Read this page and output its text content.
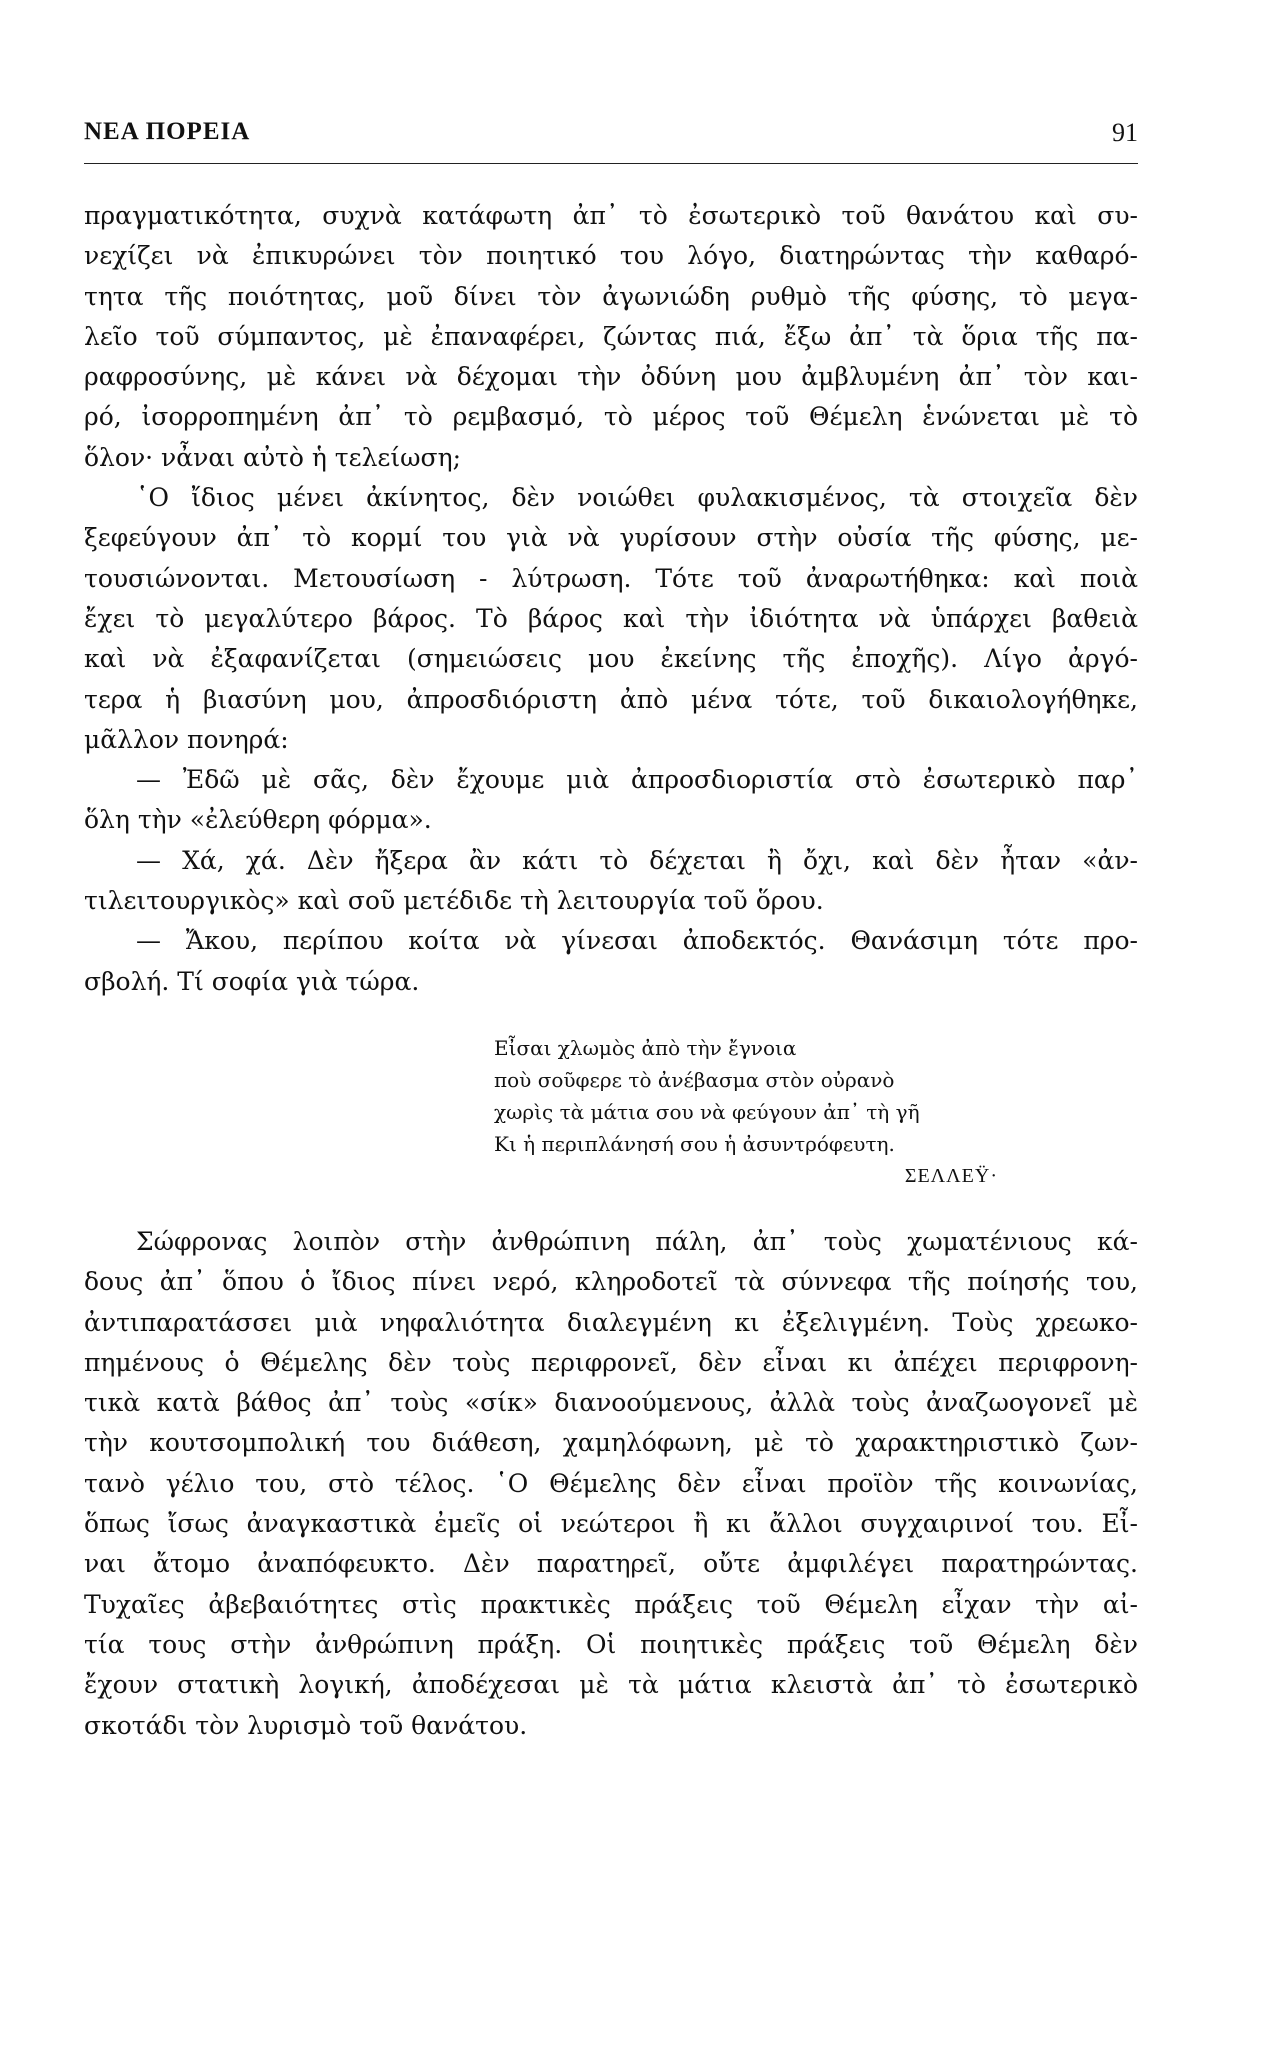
ΝΕΑ ΠΟΡΕΙΑ	91
πραγματικότητα, συχνὰ κατάφωτη ἀπ᾽ τὸ ἐσωτερικὸ τοῦ θανάτου καὶ συ-
νεχίζει νὰ ἐπικυρώνει τὸν ποιητικό του λόγο, διατηρώντας τὴν καθαρό-
τητα τῆς ποιότητας, μοῦ δίνει τὸν ἀγωνιώδη ρυθμὸ τῆς φύσης, τὸ μεγα-
λεῖο τοῦ σύμπαντος, μὲ ἐπαναφέρει, ζώντας πιά, ἔξω ἀπ᾽ τὰ ὅρια τῆς πα-
ραφροσύνης, μὲ κάνει νὰ δέχομαι τὴν ὀδύνη μου ἀμβλυμένη ἀπ᾽ τὸν και-
ρό, ἰσορροπημένη ἀπ᾽ τὸ ρεμβασμό, τὸ μέρος τοῦ Θέμελη ἑνώνεται μὲ τὸ
ὅλον· νἆναι αὐτὸ ἡ τελείωση;
῾Ο ἴδιος μένει ἀκίνητος, δὲν νοιώθει φυλακισμένος, τὰ στοιχεῖα δὲν
ξεφεύγουν ἀπ᾽ τὸ κορμί του γιὰ νὰ γυρίσουν στὴν οὐσία τῆς φύσης, με-
τουσιώνονται. Μετουσίωση - λύτρωση. Τότε τοῦ ἀναρωτήθηκα: καὶ ποιὰ
ἔχει τὸ μεγαλύτερο βάρος. Τὸ βάρος καὶ τὴν ἰδιότητα νὰ ὑπάρχει βαθειὰ
καὶ νὰ ἐξαφανίζεται (σημειώσεις μου ἐκείνης τῆς ἐποχῆς). Λίγο ἀργό-
τερα ἡ βιασύνη μου, ἀπροσδιόριστη ἀπὸ μένα τότε, τοῦ δικαιολογήθηκε,
μᾶλλον πονηρά:
— Ἐδῶ μὲ σᾶς, δὲν ἔχουμε μιὰ ἀπροσδιοριστία στὸ ἐσωτερικὸ παρ᾽
ὅλη τὴν «ἐλεύθερη φόρμα».
— Χά, χά. Δὲν ἤξερα ἂν κάτι τὸ δέχεται ἢ ὄχι, καὶ δὲν ἦταν «ἀν-
τιλειτουργικὸς» καὶ σοῦ μετέδιδε τὴ λειτουργία τοῦ ὅρου.
— Ἄκου, περίπου κοίτα νὰ γίνεσαι ἀποδεκτός. Θανάσιμη τότε προ-
σβολή. Τί σοφία γιὰ τώρα.
Εἶσαι χλωμὸς ἀπὸ τὴν ἔγνοια
ποὺ σοῦφερε τὸ ἀνέβασμα στὸν οὐρανὸ
χωρὶς τὰ μάτια σου νὰ φεύγουν ἀπ᾽ τὴ γῆ
Κι ἡ περιπλάνησή σου ἡ ἀσυντρόφευτη.
ΣΕΛΛΕΫ·
Σώφρονας λοιπὸν στὴν ἀνθρώπινη πάλη, ἀπ᾽ τοὺς χωματένιους κά-
δους ἀπ᾽ ὅπου ὁ ἴδιος πίνει νερό, κληροδοτεῖ τὰ σύννεφα τῆς ποίησής του,
ἀντιπαρατάσσει μιὰ νηφαλιότητα διαλεγμένη κι ἐξελιγμένη. Τοὺς χρεωκο-
πημένους ὁ Θέμελης δὲν τοὺς περιφρονεῖ, δὲν εἶναι κι ἀπέχει περιφρονη-
τικὰ κατὰ βάθος ἀπ᾽ τοὺς «σίκ» διανοούμενους, ἀλλὰ τοὺς ἀναζωογονεῖ μὲ
τὴν κουτσομπολική του διάθεση, χαμηλόφωνη, μὲ τὸ χαρακτηριστικὸ ζων-
τανὸ γέλιο του, στὸ τέλος. ῾Ο Θέμελης δὲν εἶναι προϊὸν τῆς κοινωνίας,
ὅπως ἴσως ἀναγκαστικὰ ἐμεῖς οἱ νεώτεροι ἢ κι ἄλλοι συγχαιρινοί του. Εἶ-
ναι ἄτομο ἀναπόφευκτο. Δὲν παρατηρεῖ, οὔτε ἀμφιλέγει παρατηρώντας.
Τυχαῖες ἀβεβαιότητες στὶς πρακτικὲς πράξεις τοῦ Θέμελη εἶχαν τὴν αἰ-
τία τους στὴν ἀνθρώπινη πράξη. Οἱ ποιητικὲς πράξεις τοῦ Θέμελη δὲν
ἔχουν στατικὴ λογική, ἀποδέχεσαι μὲ τὰ μάτια κλειστὰ ἀπ᾽ τὸ ἐσωτερικὸ
σκοτάδι τὸν λυρισμὸ τοῦ θανάτου.
